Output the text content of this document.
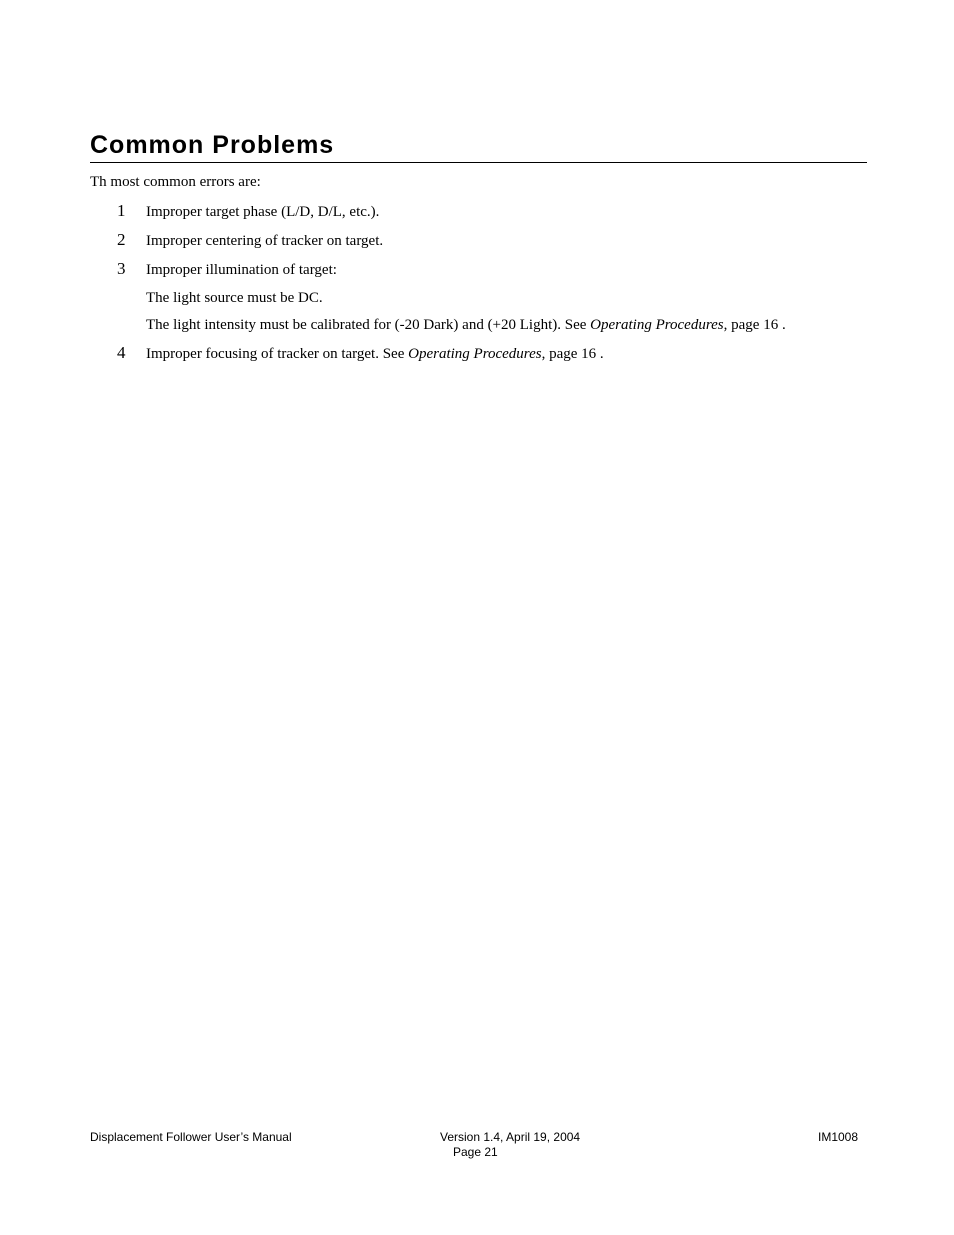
Common Problems
Th most common errors are:
1 Improper target phase (L/D, D/L, etc.).
2 Improper centering of tracker on target.
3 Improper illumination of target:
The light source must be DC.
The light intensity must be calibrated for (-20 Dark) and (+20 Light). See Operating Procedures, page 16 .
4 Improper focusing of tracker on target. See Operating Procedures, page 16 .
Displacement Follower User’s Manual	Version 1.4, April 19, 2004
Page 21
IM1008
